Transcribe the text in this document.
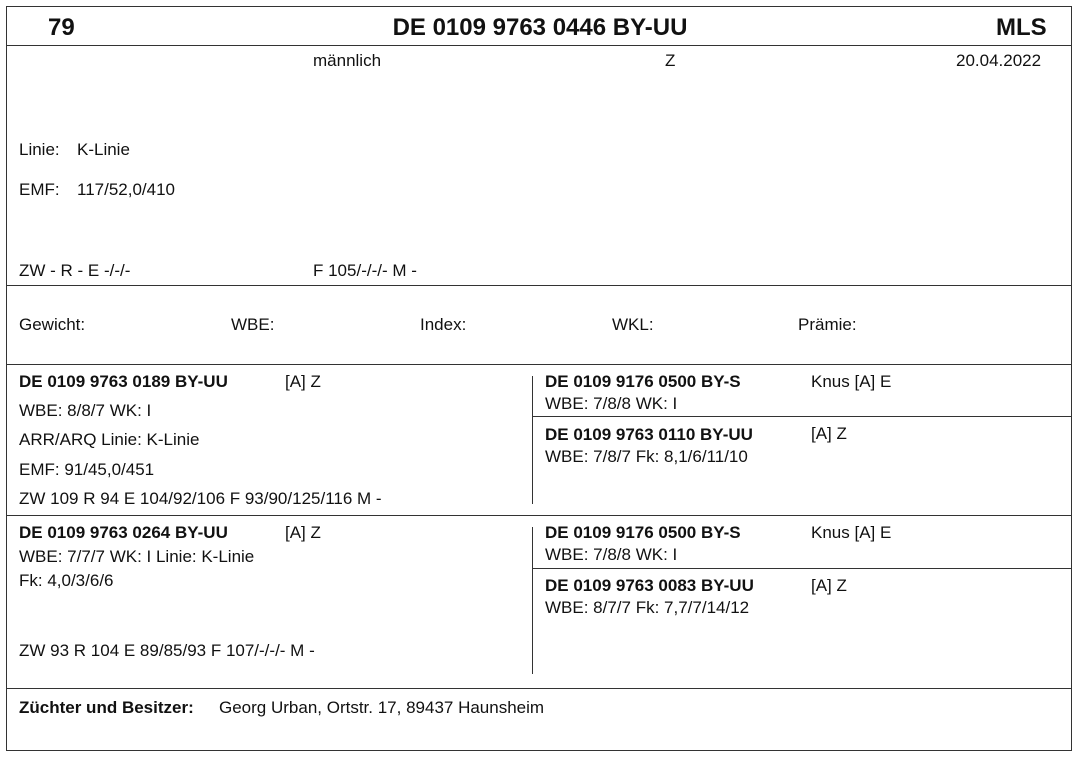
79	DE 0109 9763 0446 BY-UU	MLS
männlich	Z	20.04.2022
Linie: K-Linie
EMF: 117/52,0/410
ZW - R - E -/-/-	F 105/-/-/- M -
Gewicht:	WBE:	Index:	WKL:	Prämie:
DE 0109 9763 0189 BY-UU	[A] Z
WBE: 8/8/7 WK: I
ARR/ARQ Linie: K-Linie
EMF: 91/45,0/451
ZW 109 R 94 E 104/92/106 F 93/90/125/116 M -
DE 0109 9176 0500 BY-S	Knus [A] E
WBE: 7/8/8 WK: I
DE 0109 9763 0110 BY-UU	[A] Z
WBE: 7/8/7 Fk: 8,1/6/11/10
DE 0109 9763 0264 BY-UU	[A] Z
WBE: 7/7/7 WK: I Linie: K-Linie
Fk: 4,0/3/6/6
ZW 93 R 104 E 89/85/93 F 107/-/-/- M -
DE 0109 9176 0500 BY-S	Knus [A] E
WBE: 7/8/8 WK: I
DE 0109 9763 0083 BY-UU	[A] Z
WBE: 8/7/7 Fk: 7,7/7/14/12
Züchter und Besitzer: Georg Urban, Ortstr. 17, 89437 Haunsheim
